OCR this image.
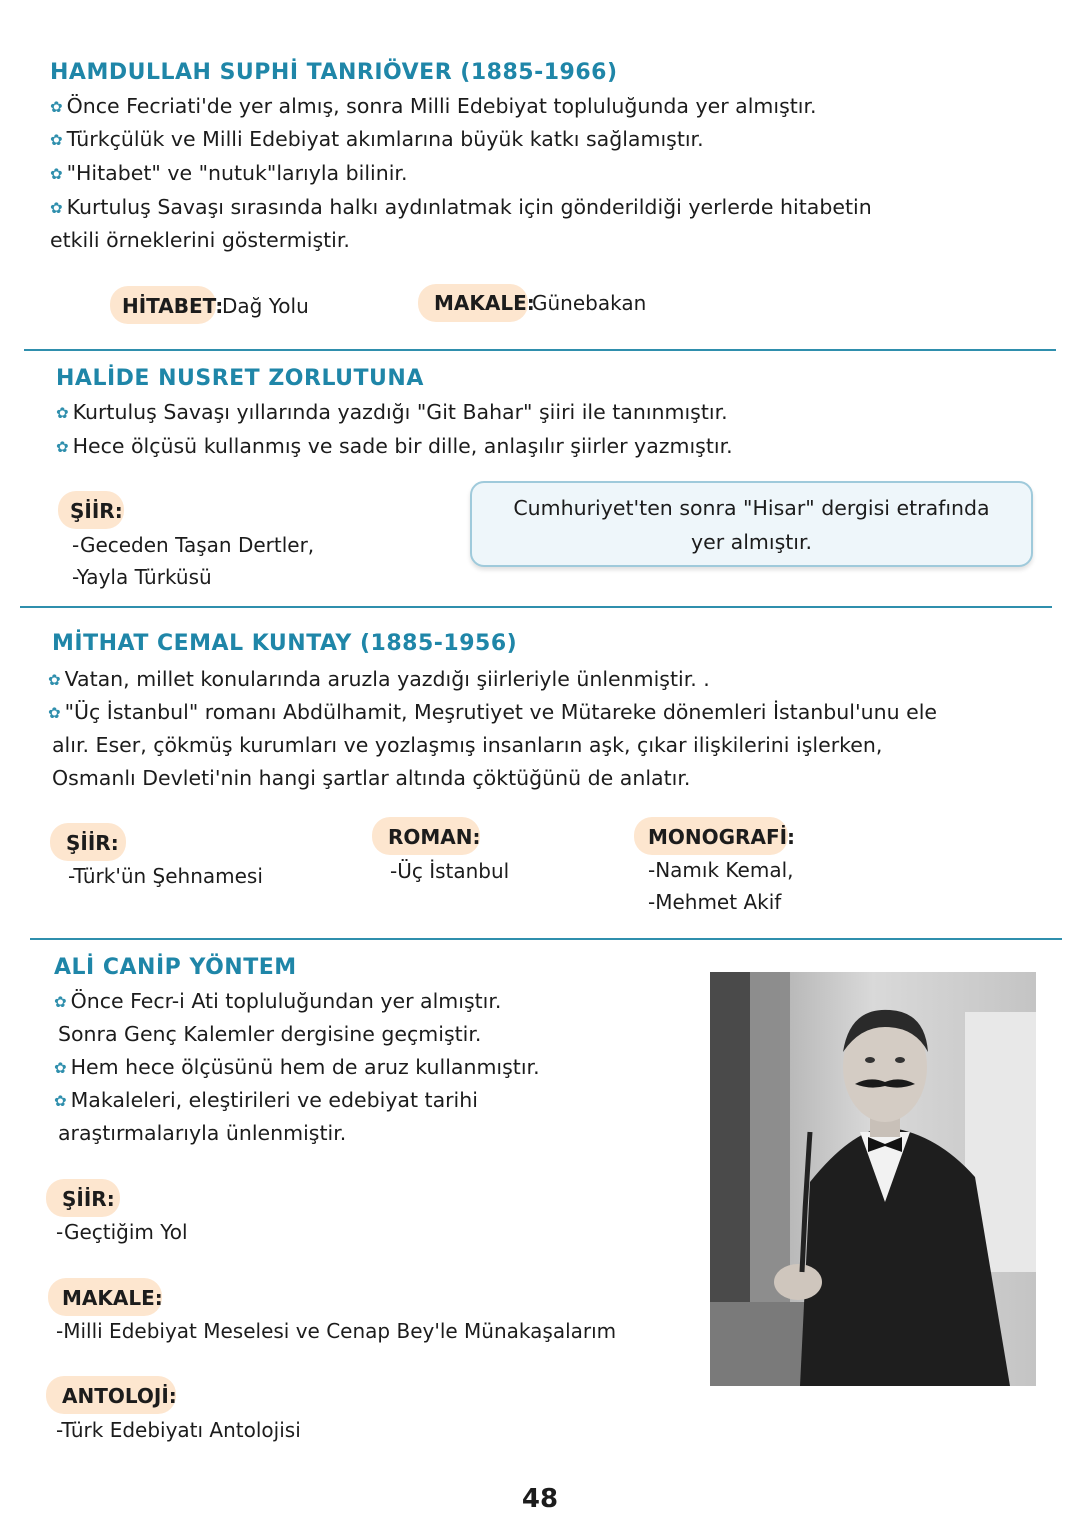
HAMDULLAH SUPHİ TANRIÖVER (1885-1966)
✿ Önce Fecriati'de yer almış, sonra Milli Edebiyat topluluğunda yer almıştır.
✿ Türkçülük ve Milli Edebiyat akımlarına büyük katkı sağlamıştır.
✿ "Hitabet" ve "nutuk"larıyla bilinir.
✿ Kurtuluş Savaşı sırasında halkı aydınlatmak için gönderildiği yerlerde hitabetin
etkili örneklerini göstermiştir.
HİTABET:
Dağ Yolu	MAKALE:
Günebakan
HALİDE NUSRET ZORLUTUNA
✿ Kurtuluş Savaşı yıllarında yazdığı "Git Bahar" şiiri ile tanınmıştır.
✿ Hece ölçüsü kullanmış ve sade bir dille, anlaşılır şiirler yazmıştır.
ŞİİR:
-Geceden Taşan Dertler,
-Yayla Türküsü
Cumhuriyet'ten sonra "Hisar" dergisi etrafında
yer almıştır.
MİTHAT CEMAL KUNTAY (1885-1956)
✿ Vatan, millet konularında aruzla yazdığı şiirleriyle ünlenmiştir. .
✿ "Üç İstanbul" romanı Abdülhamit, Meşrutiyet ve Mütareke dönemleri İstanbul'unu ele
alır. Eser, çökmüş kurumları ve yozlaşmış insanların aşk, çıkar ilişkilerini işlerken,
Osmanlı Devleti'nin hangi şartlar altında çöktüğünü de anlatır.
ŞİİR:
-Türk'ün Şehnamesi
ROMAN:
-Üç İstanbul
MONOGRAFİ:
-Namık Kemal,
-Mehmet Akif
ALİ CANİP YÖNTEM
✿ Önce Fecr-i Ati topluluğundan yer almıştır.
Sonra Genç Kalemler dergisine geçmiştir.
✿ Hem hece ölçüsünü hem de aruz kullanmıştır.
✿ Makaleleri, eleştirileri ve edebiyat tarihi
araştırmalarıyla ünlenmiştir.
ŞİİR:
-Geçtiğim Yol
MAKALE:
-Milli Edebiyat Meselesi ve Cenap Bey'le Münakaşalarım
ANTOLOJİ:
-Türk Edebiyatı Antolojisi
48
